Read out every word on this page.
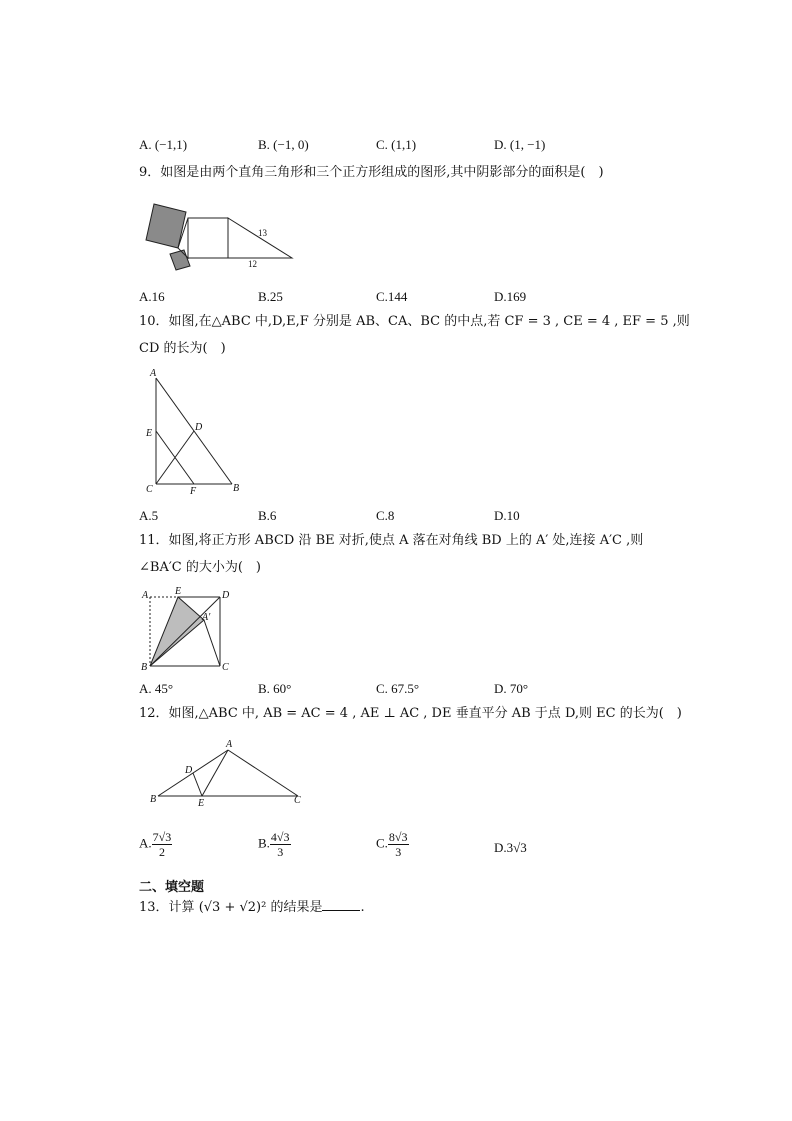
A. (−1,1)	B. (−1, 0)	C. (1,1)	D. (1, −1)
9．如图是由两个直角三角形和三个正方形组成的图形,其中阴影部分的面积是(　)
13
12
A.16	B.25	C.144	D.169
10．如图,在△ABC 中,D,E,F 分别是 AB、CA、BC 的中点,若 CF = 3 , CE = 4 , EF = 5 ,则
CD 的长为(　)
A
E
D
C	F	B
A.5	B.6	C.8	D.10
11．如图,将正方形 ABCD 沿 BE 对折,使点 A 落在对角线 BD 上的 A′ 处,连接 A′C ,则
∠BA′C 的大小为(　)
A	E	D
A′
B	C
A. 45°	B. 60°	C. 67.5°	D. 70°
12．如图,△ABC 中, AB = AC = 4 , AE ⊥ AC , DE 垂直平分 AB 于点 D,则 EC 的长为(　)
A
D
B	E	C
A. $\frac{7√3}{2}$	B. $\frac{4√3}{3}$	C. $\frac{8√3}{3}$	D.3√3
二、填空题
13．计算 (√3 + √2)² 的结果是	.
